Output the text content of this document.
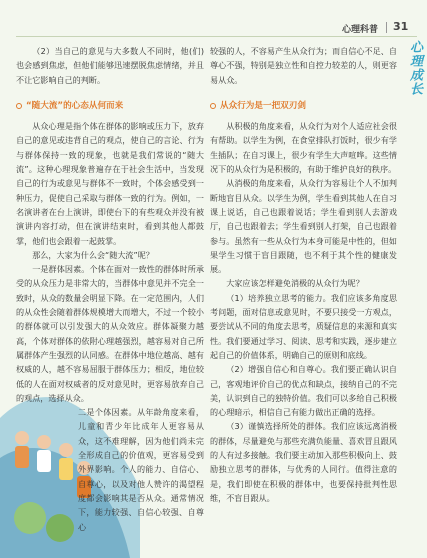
心理科普 31
心理成长

（2）当自己的意见与大多数人不同时，他(们)也会感到焦虑，但他们能够迅速摆脱焦虑情绪，并且不让它影响自己的判断。

“随大流”的心态从何而来

从众心理是指个体在群体的影响或压力下，放弃自己的意见或违背自己的观点，使自己的言论、行为与群体保持一致的现象，也就是我们常说的“随大流”。这种心理现象普遍存在于社会生活中，当发现自己的行为或意见与群体不一致时，个体会感受到一种压力，促使自己采取与群体一致的行为。例如，一名演讲者在台上演讲，即使台下的有些观众并没有被演讲内容打动，但在演讲结束时，看到其他人都鼓掌，他们也会跟着一起鼓掌。

那么，大家为什么会“随大流”呢？

一是群体因素。个体在面对一致性的群体时所承受的从众压力是非常大的，当群体中意见并不完全一致时，从众的数量会明显下降。在一定范围内，人们的从众性会随着群体规模增大而增大，不过一个较小的群体就可以引发强大的从众效应。群体凝聚力越高，个体对群体的依附心理越强烈，越容易对自己所属群体产生强烈的认同感。在群体中地位越高、越有权威的人，越不容易屈服于群体压力；相反，地位较低的人在面对权威者的反对意见时，更容易放弃自己的观点，选择从众。

二是个体因素。从年龄角度来看，儿童和青少年比成年人更容易从众，这不难理解，因为他们尚未完全形成自己的价值观，更容易受到外界影响。个人的能力、自信心、自尊心，以及对他人赞许的渴望程度都会影响其是否从众。通常情况下，能力较强、自信心较强、自尊心

较强的人，不容易产生从众行为；而自信心不足、自尊心不强，特别是独立性和自控力较差的人，则更容易从众。

从众行为是一把双刃剑

从积极的角度来看，从众行为对个人适应社会很有帮助。以学生为例，在食堂排队打饭时，很少有学生插队；在自习课上，很少有学生大声喧哗。这些情况下的从众行为是积极的，有助于维护良好的秩序。

从消极的角度来看，从众行为容易让个人不加判断地盲目从众。以学生为例，学生看到其他人在自习课上说话，自己也跟着说话；学生看到别人去游戏厅，自己也跟着去；学生看到别人打架，自己也跟着参与。虽然有一些从众行为本身可能是中性的，但如果学生习惯于盲目跟随，也不利于其个性的健康发展。

大家应该怎样避免消极的从众行为呢？

（1）培养独立思考的能力。我们应该多角度思考问题，面对信息或意见时，不要只接受一方观点，要尝试从不同的角度去思考，质疑信息的来源和真实性。我们要通过学习、阅读、思考和实践，逐步建立起自己的价值体系，明确自己的原则和底线。

（2）增强自信心和自尊心。我们要正确认识自己，客观地评价自己的优点和缺点，接纳自己的不完美，认识到自己的独特价值。我们可以多给自己积极的心理暗示，相信自己有能力做出正确的选择。

（3）谨慎选择所处的群体。我们应该远离消极的群体，尽量避免与那些充满负能量、喜欢冒且跟风的人有过多接触。我们要主动加入那些积极向上、鼓励独立思考的群体，与优秀的人同行。值得注意的是，我们即使在积极的群体中，也要保持批判性思维，不盲目跟从。
